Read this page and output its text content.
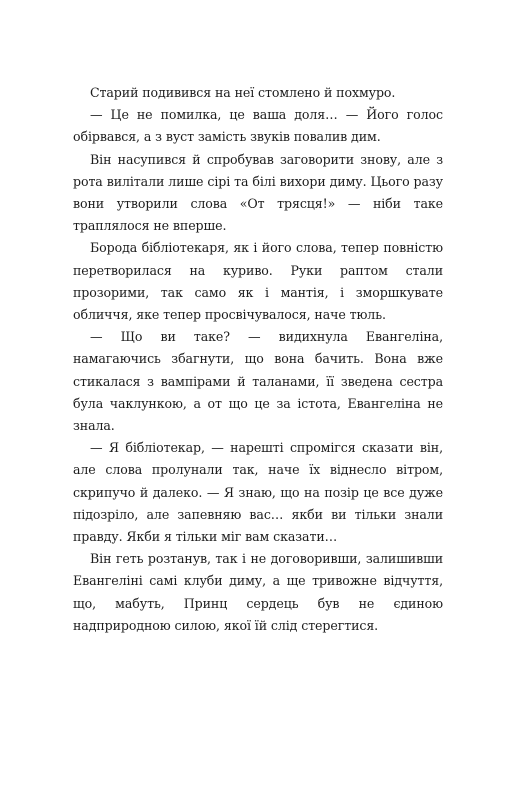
Старий подивився на неї стомлено й похмуро.

— Це не помилка, це ваша доля… — Його голос обірвався, а з вуст замість звуків повалив дим.

Він насупився й спробував заговорити знову, але з рота вилітали лише сірі та білі вихори диму. Цього разу вони утворили слова «От трясця!» — ніби таке траплялося не вперше.

Борода бібліотекаря, як і його слова, тепер повністю перетворилася на куриво. Руки раптом стали прозорими, так само як і мантія, і зморшкувате обличчя, яке тепер просвічувалося, наче тюль.

— Що ви таке? — видихнула Евангеліна, намагаючись збагнути, що вона бачить. Вона вже стикалася з вампірами й таланами, її зведена сестра була чаклункою, а от що це за істота, Евангеліна не знала.

— Я бібліотекар, — нарешті спромігся сказати він, але слова пролунали так, наче їх віднесло вітром, скрипучо й далеко. — Я знаю, що на позір це все дуже підозріло, але запевняю вас… якби ви тільки знали правду. Якби я тільки міг вам сказати…

Він геть розтанув, так і не договоривши, залишивши Евангеліні самі клуби диму, а ще тривожне відчуття, що, мабуть, Принц сердець був не єдиною надприродною силою, якої їй слід стерегтися.
